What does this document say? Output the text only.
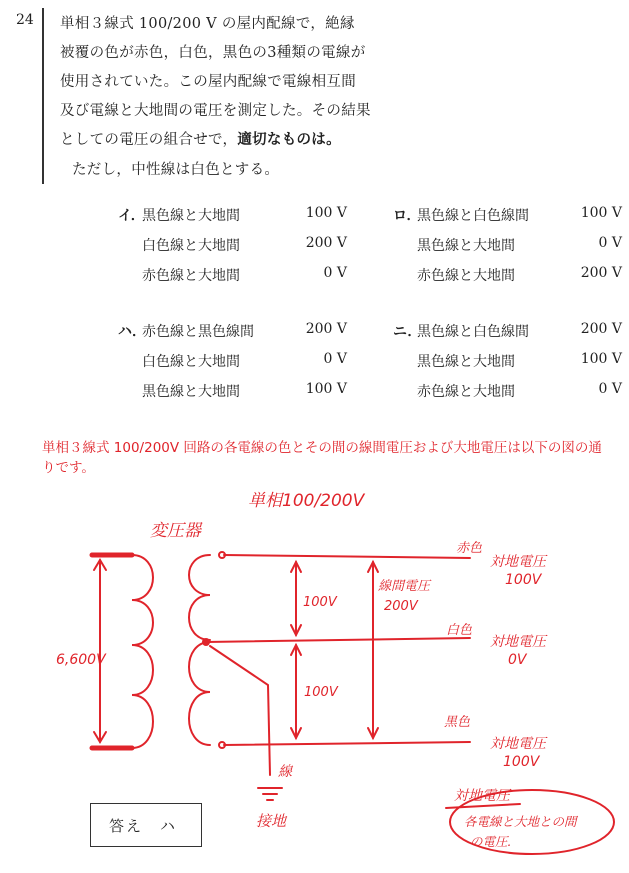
24 単相３線式 100/200 V の屋内配線で，絶縁
被覆の色が赤色，白色，黒色の3種類の電線が
使用されていた。この屋内配線で電線相互間
及び電線と大地間の電圧を測定した。その結果
としての電圧の組合せで，適切なものは。
ただし，中性線は白色とする。
イ．
黒色線と大地間	100 V
白色線と大地間	200 V
赤色線と大地間	0 V
ロ．
黒色線と白色線間	100 V
黒色線と大地間	0 V
赤色線と大地間	200 V
ハ．
赤色線と黒色線間	200 V
白色線と大地間	0 V
黒色線と大地間	100 V
ニ．
黒色線と白色線間	200 V
黒色線と大地間	100 V
赤色線と大地間	0 V
単相３線式 100/200V 回路の各電線の色とその間の線間電圧および大地電圧は以下の図の通りです。
単相100/200V
変圧器
6,600V
赤色
白色
黒色
対地電圧
100V
対地電圧
0V
対地電圧
100V
100V
100V
線間電圧
200V
線
接地
対地電圧
各電線と大地との間
の電圧.
答え　ハ
